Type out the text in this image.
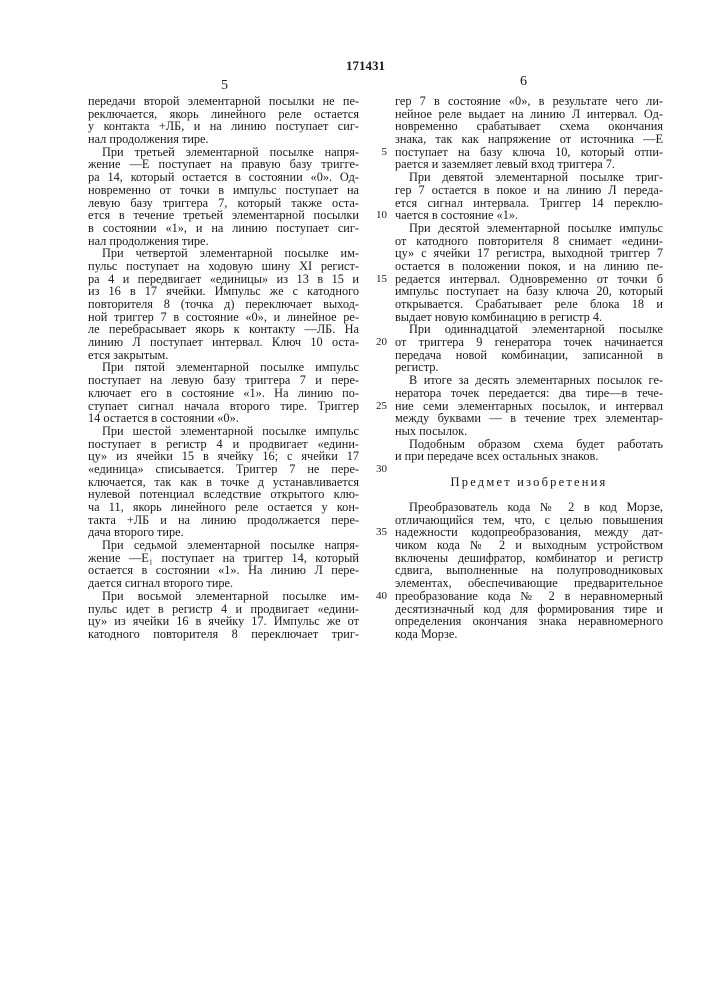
171431
5	6
передачи второй элементарной посылки не пе-
реключается, якорь линейного реле остается
у контакта +ЛБ, и на линию поступает сиг-
нал продолжения тире.
При третьей элементарной посылке напря-
жение —Е поступает на правую базу тригге-
ра 14, который остается в состоянии «0». Од-
новременно от точки в импульс поступает на
левую базу триггера 7, который также оста-
ется в течение третьей элементарной посылки
в состоянии «1», и на линию поступает сиг-
нал продолжения тире.
При четвертой элементарной посылке им-
пульс поступает на ходовую шину XI регист-
ра 4 и передвигает «единицы» из 13 в 15 и
из 16 в 17 ячейки. Импульс же с катодного
повторителя 8 (точка д) переключает выход-
ной триггер 7 в состояние «0», и линейное ре-
ле перебрасывает якорь к контакту —ЛБ. На
линию Л поступает интервал. Ключ 10 оста-
ется закрытым.
При пятой элементарной посылке импульс
поступает на левую базу триггера 7 и пере-
ключает его в состояние «1». На линию по-
ступает сигнал начала второго тире. Триггер
14 остается в состоянии «0».
При шестой элементарной посылке импульс
поступает в регистр 4 и продвигает «едини-
цу» из ячейки 15 в ячейку 16; с ячейки 17
«единица» списывается. Триггер 7 не пере-
ключается, так как в точке д устанавливается
нулевой потенциал вследствие открытого клю-
ча 11, якорь линейного реле остается у кон-
такта +ЛБ и на линию продолжается пере-
дача второго тире.
При седьмой элементарной посылке напря-
жение —E₁ поступает на триггер 14, который
остается в состоянии «1». На линию Л пере-
дается сигнал второго тире.
При восьмой элементарной посылке им-
пульс идет в регистр 4 и продвигает «едини-
цу» из ячейки 16 в ячейку 17. Импульс же от
катодного повторителя 8 переключает триг-
гер 7 в состояние «0», в результате чего ли-
нейное реле выдает на линию Л интервал. Од-
новременно срабатывает схема окончания
знака, так как напряжение от источника —Е
поступает на базу ключа 10, который отпи-
5
рается и заземляет левый вход триггера 7.
При девятой элементарной посылке триг-
гер 7 остается в покое и на линию Л переда-
ется сигнал интервала. Триггер 14 переклю-
чается в состояние «1».
10
При десятой элементарной посылке импульс
от катодного повторителя 8 снимает «едини-
цу» с ячейки 17 регистра, выходной триггер 7
остается в положении покоя, и на линию пе-
редается интервал. Одновременно от точки б
15
импульс поступает на базу ключа 20, который
открывается. Срабатывает реле блока 18 и
выдает новую комбинацию в регистр 4.
При одиннадцатой элементарной посылке
от триггера 9 генератора точек начинается
20
передача новой комбинации, записанной в
регистр.
В итоге за десять элементарных посылок ге-
нератора точек передается: два тире—в тече-
ние семи элементарных посылок, и интервал
25
между буквами — в течение трех элементар-
ных посылок.
Подобным образом схема будет работать
и при передаче всех остальных знаков.
30
Предмет изобретения
Преобразователь кода № 2 в код Морзе,
отличающийся тем, что, с целью повышения
надежности кодопреобразования, между дат-
35
чиком кода № 2 и выходным устройством
включены дешифратор, комбинатор и регистр
сдвига, выполненные на полупроводниковых
элементах, обеспечивающие предварительное
преобразование кода № 2 в неравномерный
40
десятизначный код для формирования тире и
определения окончания знака неравномерного
кода Морзе.
